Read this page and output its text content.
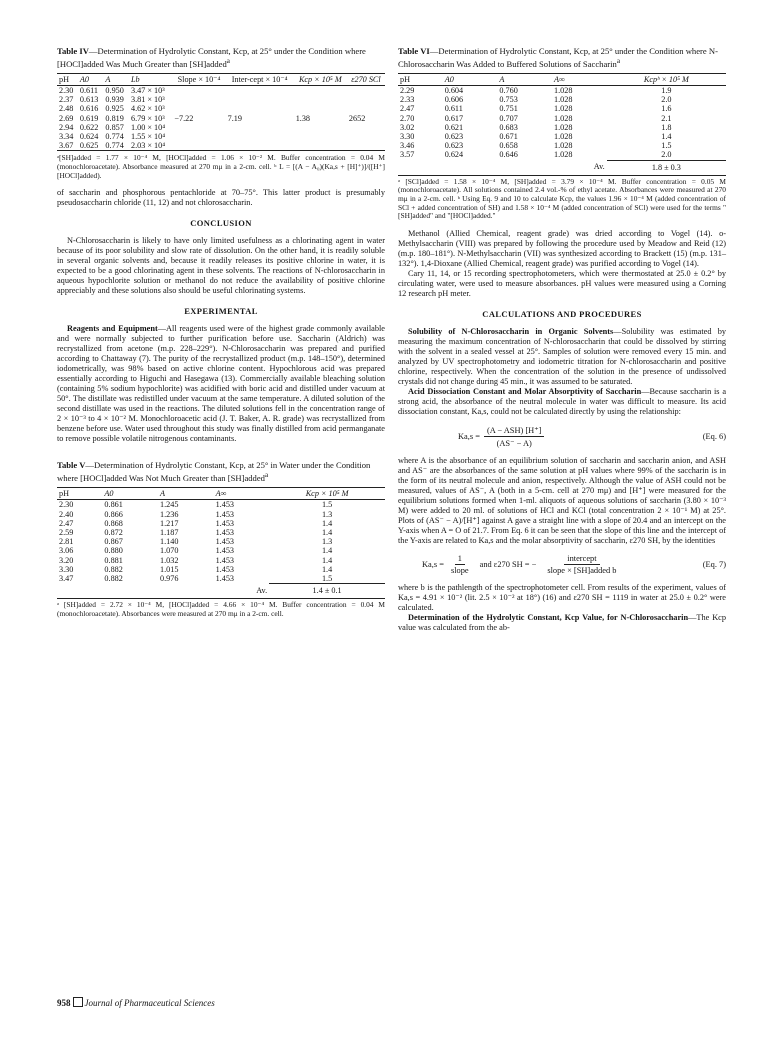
Table IV—Determination of Hydrolytic Constant, Kcp, at 25° under the Condition where [HOCl]added Was Much Greater than [SH]added$^a$
pH	A0	A	Lb	Slope × 10⁻⁴	Inter-cept × 10⁻⁴	Kcp × 10⁵ M	ε270 SCl
2.30	0.611	0.950	3.47 × 10³				
2.37	0.613	0.939	3.81 × 10³				
2.48	0.616	0.925	4.62 × 10³				
2.69	0.619	0.819	6.79 × 10³	−7.22	7.19	1.38	2652
2.94	0.622	0.857	1.00 × 10⁴				
3.34	0.624	0.774	1.55 × 10⁴				
3.67	0.625	0.774	2.03 × 10⁴				
ᵃ[SH]added = 1.77 × 10⁻⁴ M, [HOCl]added = 1.06 × 10⁻² M. Buffer concentration = 0.04 M (monochloroacetate). Absorbance measured at 270 mμ in a 2-cm. cell. ᵇ L = [(A − A₀)(Ka,s + [H]⁺)]/([H⁺][HOCl]added).

of saccharin and phosphorous pentachloride at 70–75°. This latter product is presumably pseudosaccharin chloride (11, 12) and not chlorosaccharin.

CONCLUSION

N-Chlorosaccharin is likely to have only limited usefulness as a chlorinating agent in water because of its poor solubility and slow rate of dissolution. On the other hand, it is readily soluble in several organic solvents and, because it readily releases its positive chlorine in water, it is expected to be a good chlorinating agent in these solvents. The reactions of N-chlorosaccharin in aqueous hypochlorite solution or methanol do not reduce the availability of positive chlorine appreciably and these solutions also should be useful chlorinating systems.

EXPERIMENTAL

Reagents and Equipment—All reagents used were of the highest grade commonly available and were normally subjected to further purification before use. Saccharin (Aldrich) was recrystallized from acetone (m.p. 228–229°). N-Chlorosaccharin was prepared and purified according to Chattaway (7). The purity of the recrystallized product (m.p. 148–150°), determined iodometrically, was 98% based on active chlorine content. Hypochlorous acid was prepared essentially according to Higuchi and Hasegawa (13). Commercially available bleaching solution (containing 5% sodium hypochlorite) was acidified with boric acid and distilled under vacuum at 50°. The distillate was redistilled under vacuum at the same temperature. A diluted solution of the second distillate was used in the reactions. The diluted solutions fell in the concentration range of 2 × 10⁻³ to 4 × 10⁻² M. Monochloroacetic acid (J. T. Baker, A. R. grade) was recrystallized from benzene before use. Water used throughout this study was finally distilled from acid permanganate to remove possible volatile nitrogenous contaminants.

Table V—Determination of Hydrolytic Constant, Kcp, at 25° in Water under the Condition where [HOCl]added Was Not Much Greater than [SH]added$^a$
pH	A0	A	A∞	Kcp × 10⁵ M
2.30	0.861	1.245	1.453	1.5
2.40	0.866	1.236	1.453	1.3
2.47	0.868	1.217	1.453	1.4
2.59	0.872	1.187	1.453	1.4
2.81	0.867	1.140	1.453	1.3
3.06	0.880	1.070	1.453	1.4
3.20	0.881	1.032	1.453	1.4
3.30	0.882	1.015	1.453	1.4
3.47	0.882	0.976	1.453	1.5
			Av.	1.4 ± 0.1
ᵃ [SH]added = 2.72 × 10⁻⁴ M, [HOCl]added = 4.66 × 10⁻⁴ M. Buffer concentration = 0.04 M (monochloroacetate). Absorbances were measured at 270 mμ in a 2-cm. cell.
958 Journal of Pharmaceutical Sciences
Table VI—Determination of Hydrolytic Constant, Kcp, at 25° under the Condition where N-Chlorosaccharin Was Added to Buffered Solutions of Saccharin$^a$
pH	A0	A	A∞	Kcpᵇ × 10⁵ M
2.29	0.604	0.760	1.028	1.9
2.33	0.606	0.753	1.028	2.0
2.47	0.611	0.751	1.028	1.6
2.70	0.617	0.707	1.028	2.1
3.02	0.621	0.683	1.028	1.8
3.30	0.623	0.671	1.028	1.4
3.46	0.623	0.658	1.028	1.5
3.57	0.624	0.646	1.028	2.0
			Av.	1.8 ± 0.3
ᵃ [SCl]added = 1.58 × 10⁻⁴ M, [SH]added = 3.79 × 10⁻⁴ M. Buffer concentration = 0.05 M (monochloroacetate). All solutions contained 2.4 vol.-% of ethyl acetate. Absorbances were measured at 270 mμ in a 2-cm. cell. ᵇ Using Eq. 9 and 10 to calculate Kcp, the values 1.96 × 10⁻⁴ M (added concentration of SCl + added concentration of SH) and 1.58 × 10⁻⁴ M (added concentration of SCl) were used for the terms "[SH]added" and "[HOCl]added."

Methanol (Allied Chemical, reagent grade) was dried according to Vogel (14). o-Methylsaccharin (VIII) was prepared by following the procedure used by Meadow and Reid (12) (m.p. 180–181°). N-Methylsaccharin (VII) was synthesized according to Brackett (15) (m.p. 131–132°). 1,4-Dioxane (Allied Chemical, reagent grade) was purified according to Vogel (14).

Cary 11, 14, or 15 recording spectrophotometers, which were thermostated at 25.0 ± 0.2° by circulating water, were used to measure absorbances. pH values were measured using a Corning 12 research pH meter.

CALCULATIONS AND PROCEDURES

Solubility of N-Chlorosaccharin in Organic Solvents—Solubility was estimated by measuring the maximum concentration of N-chlorosaccharin that could be dissolved by stirring with the solvent in a sealed vessel at 25°. Samples of solution were removed every 15 min. and analyzed by UV spectrophotometry and iodometric titration for N-chlorosaccharin and positive chlorine, respectively. When the concentration of the solution in the presence of undissolved crystals did not change during 45 min., it was assumed to be saturated.

Acid Dissociation Constant and Molar Absorptivity of Saccharin—Because saccharin is a strong acid, the absorbance of the neutral molecule in water was difficult to measure. Its acid dissociation constant, Ka,s, could not be calculated directly by using the relationship:

$Ka,s = \frac{\text{(A − ASH) [H⁺]}}{(AS^- - A)}$	(Eq. 6)

where A is the absorbance of an equilibrium solution of saccharin and saccharin anion, and ASH and AS⁻ are the absorbances of the same solution at pH values where 99% of the saccharin is in the form of its neutral molecule and anion, respectively. Although the value of ASH could not be measured, values of AS⁻, A (both in a 5-cm. cell at 270 mμ) and [H⁺] were measured for the equilibrium solutions formed when 1-ml. aliquots of aqueous solutions of saccharin (3.80 × 10⁻³ M) were added to 20 ml. of solutions of HCl and KCl (total concentration 2 × 10⁻¹ M) at 25°. Plots of (AS⁻ − A)/[H⁺] against A gave a straight line with a slope of 20.4 and an intercept on the Y-axis when A = O of 21.7. From Eq. 6 it can be seen that the slope of this line and the intercept of the Y-axis are related to Ka,s and the molar absorptivity of saccharin, ε270 SH, by the identities

$Ka,s = \frac{1}{\text{slope}}$ and ε270 SH = − $\frac{\text{intercept}}{\text{slope × [SH]added b}}$	(Eq. 7)

where b is the pathlength of the spectrophotometer cell. From results of the experiment, values of Ka,s = 4.91 × 10⁻² (lit. 2.5 × 10⁻² at 18°) (16) and ε270 SH = 1119 in water at 25.0 ± 0.2° were calculated.

Determination of the Hydrolytic Constant, Kcp Value, for N-Chlorosaccharin—The Kcp value was calculated from the ab-
